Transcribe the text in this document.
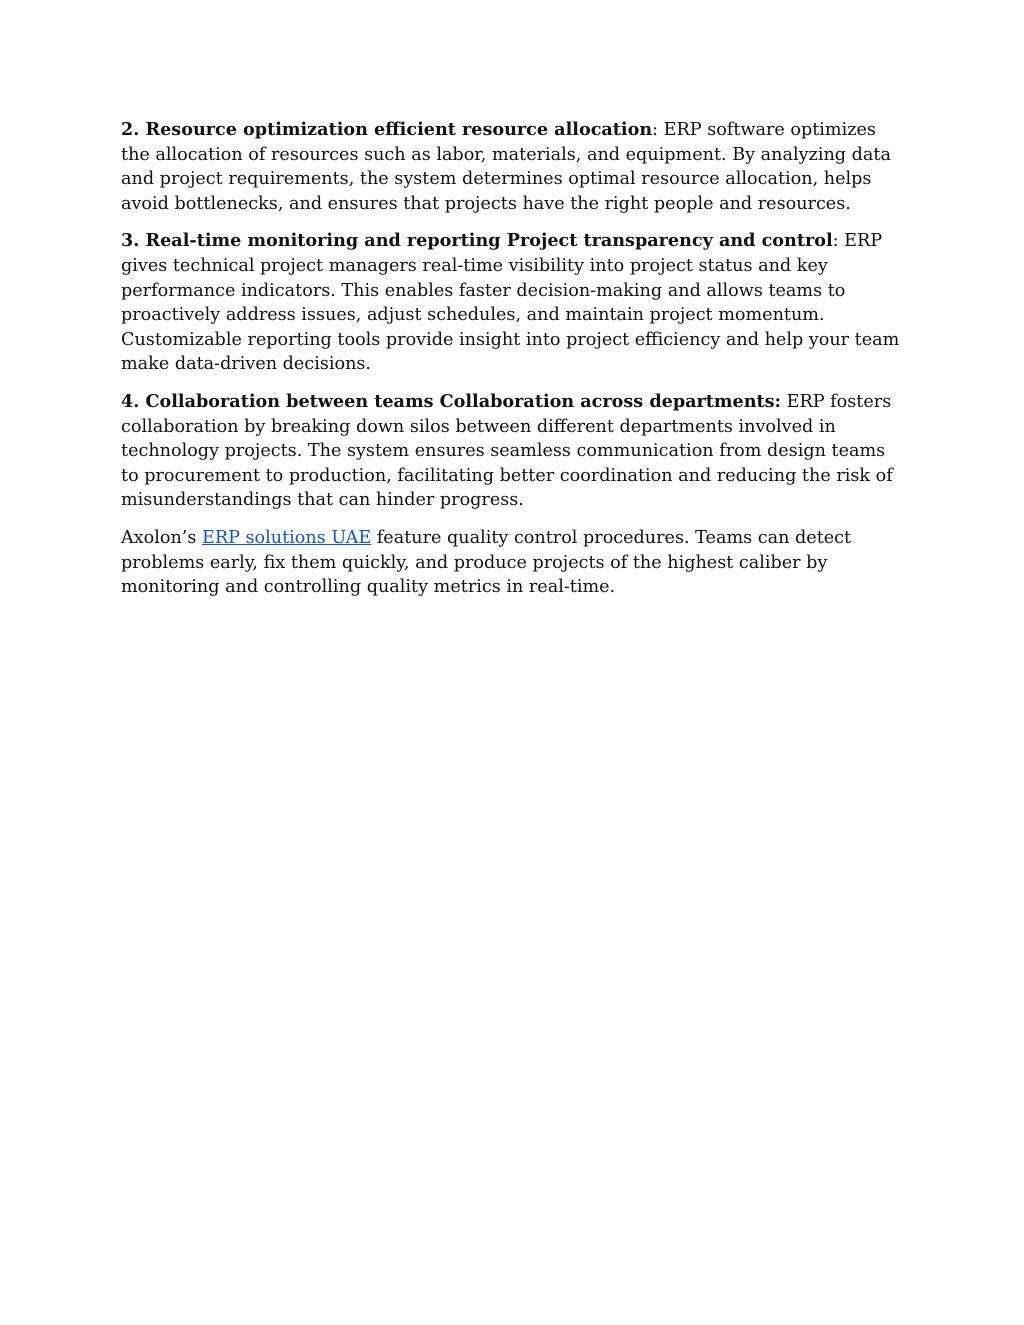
2. Resource optimization efficient resource allocation: ERP software optimizes the allocation of resources such as labor, materials, and equipment. By analyzing data and project requirements, the system determines optimal resource allocation, helps avoid bottlenecks, and ensures that projects have the right people and resources.

3. Real-time monitoring and reporting Project transparency and control: ERP gives technical project managers real-time visibility into project status and key performance indicators. This enables faster decision-making and allows teams to proactively address issues, adjust schedules, and maintain project momentum. Customizable reporting tools provide insight into project efficiency and help your team make data-driven decisions.

4. Collaboration between teams Collaboration across departments: ERP fosters collaboration by breaking down silos between different departments involved in technology projects. The system ensures seamless communication from design teams to procurement to production, facilitating better coordination and reducing the risk of misunderstandings that can hinder progress.

Axolon’s ERP solutions UAE feature quality control procedures. Teams can detect problems early, fix them quickly, and produce projects of the highest caliber by monitoring and controlling quality metrics in real-time.
